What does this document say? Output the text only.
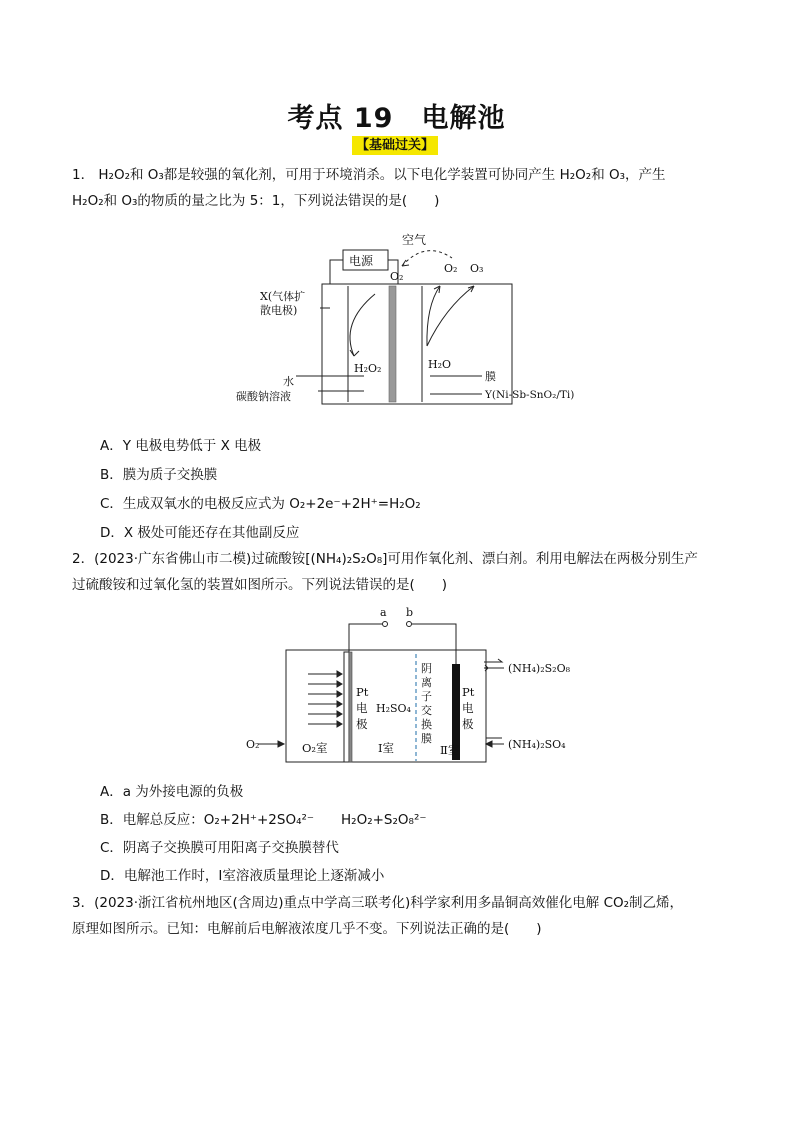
考点 19　电解池
【基础过关】
1． H₂O₂和 O₃都是较强的氧化剂，可用于环境消杀。以下电化学装置可协同产生 H₂O₂和 O₃，产生
H₂O₂和 O₃的物质的量之比为 5：1，下列说法错误的是(　　)
电源
空气
O₂
O₂ O₃
X(气体扩
散电极)
H₂O₂	H₂O
水
碳酸钠溶液
膜
Y(Ni-Sb-SnO₂/Ti)
A．Y 电极电势低于 X 电极
B．膜为质子交换膜
C．生成双氧水的电极反应式为 O₂+2e⁻+2H⁺=H₂O₂
D．X 极处可能还存在其他副反应
2．(2023·广东省佛山市二模)过硫酸铵[(NH₄)₂S₂O₈]可用作氧化剂、漂白剂。利用电解法在两极分别生产
过硫酸铵和过氧化氢的装置如图所示。下列说法错误的是(　　)
a b
Pt
电
极
H₂SO₄
阴
离
子
交
换
膜
Pt
电
极
O₂	O₂室	Ⅰ室	Ⅱ室
(NH₄)₂S₂O₈
(NH₄)₂SO₄
A．a 为外接电源的负极
B．电解总反应：O₂+2H⁺+2SO₄²⁻　　H₂O₂+S₂O₈²⁻
C．阴离子交换膜可用阳离子交换膜替代
D．电解池工作时，Ⅰ室溶液质量理论上逐渐减小
3．(2023·浙江省杭州地区(含周边)重点中学高三联考化)科学家利用多晶铜高效催化电解 CO₂制乙烯，
原理如图所示。已知：电解前后电解液浓度几乎不变。下列说法正确的是(　　)
